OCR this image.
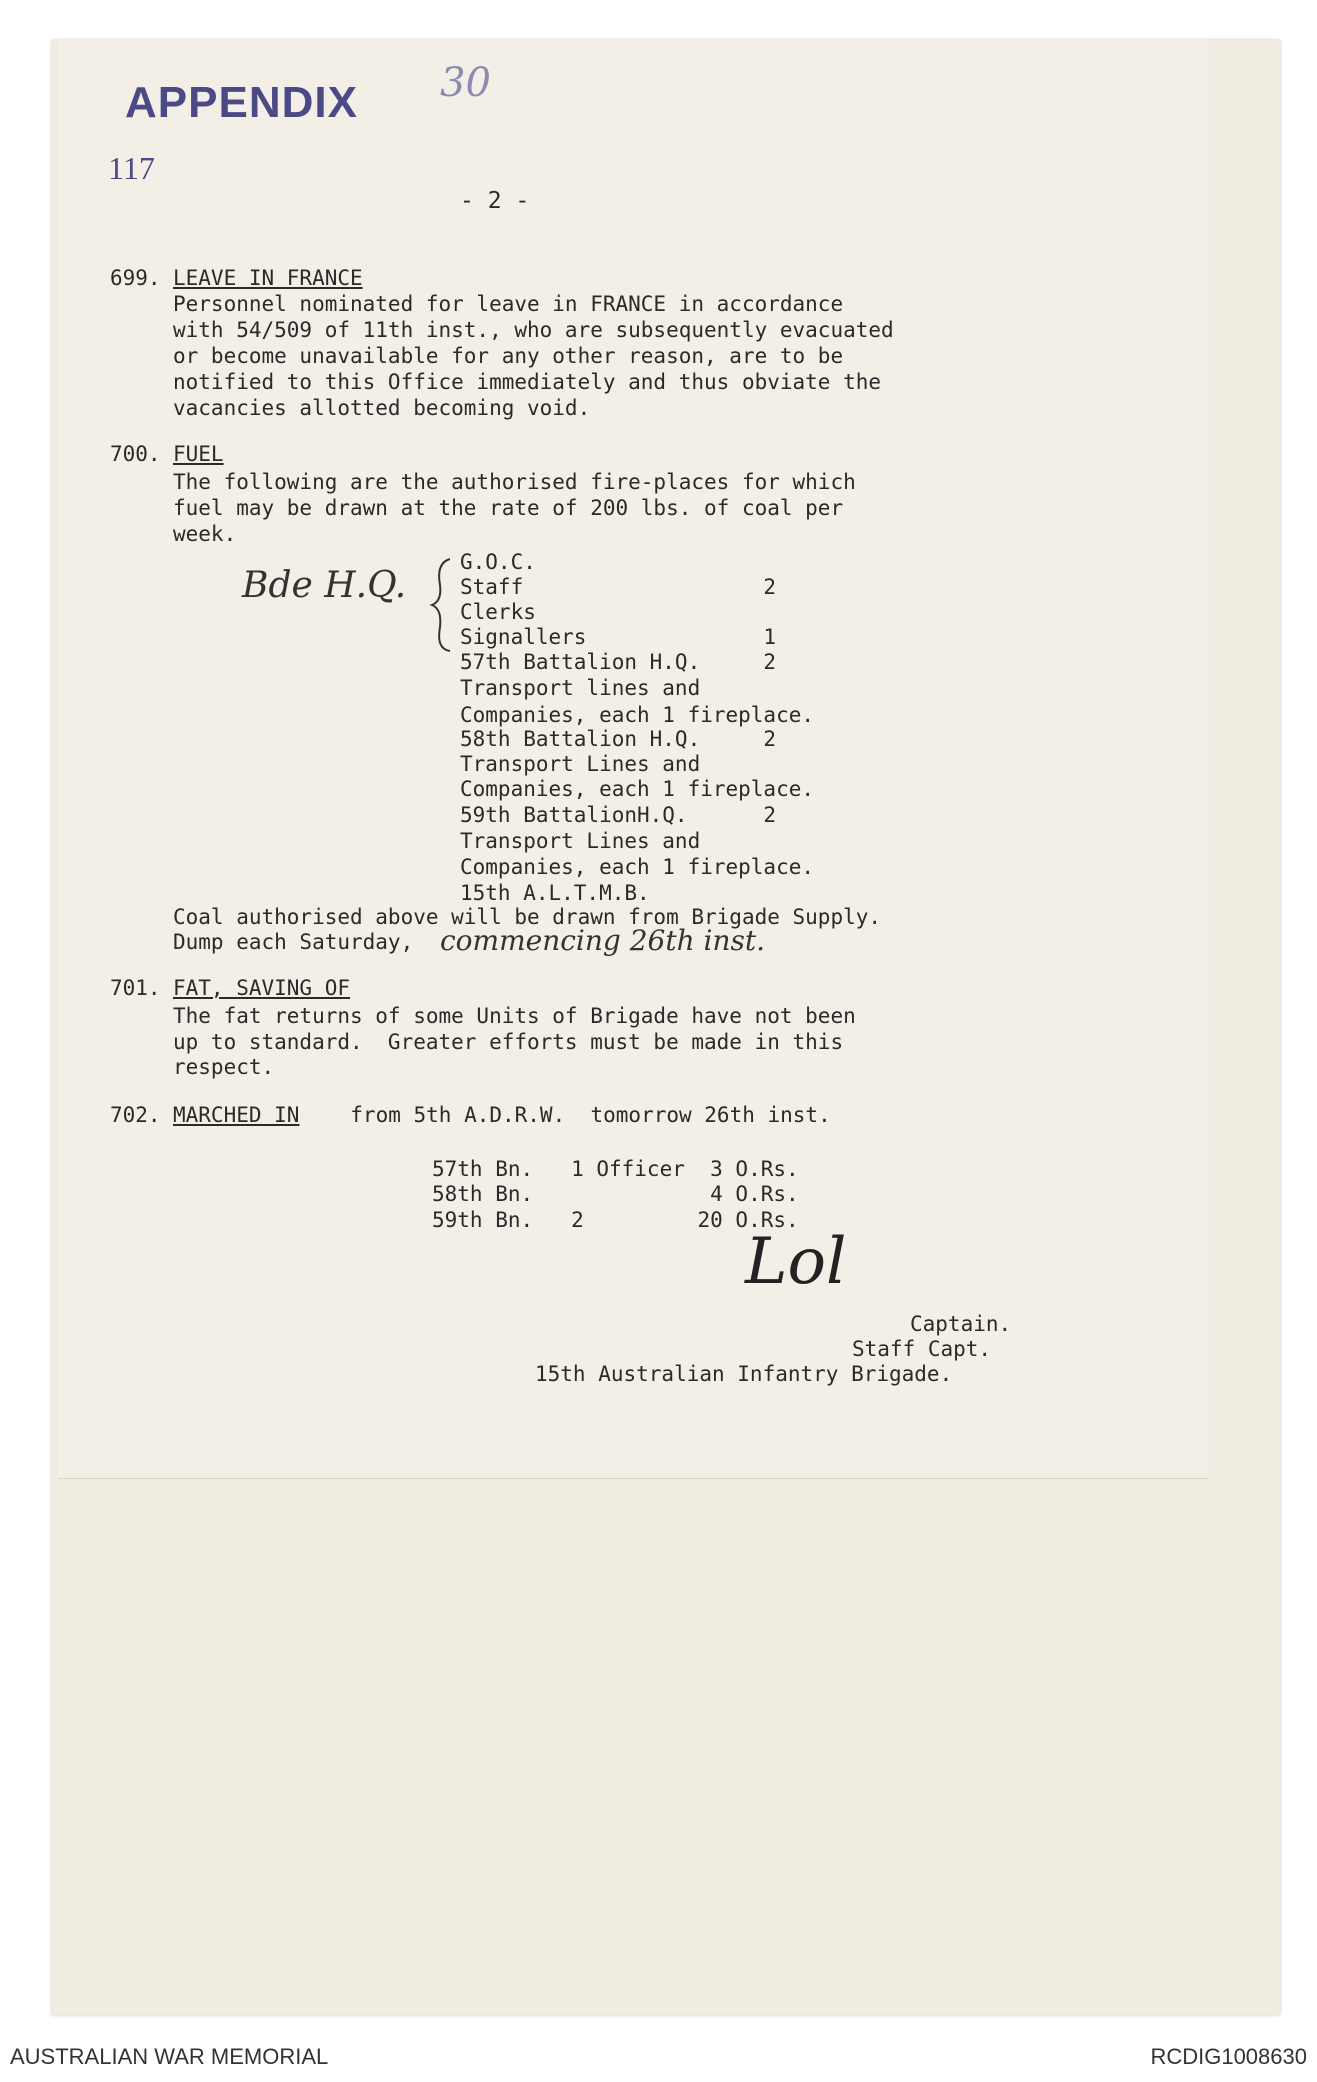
APPENDIX
117
30
- 2 -
699. LEAVE IN FRANCE
Personnel nominated for leave in FRANCE in accordance
with 54/509 of 11th inst., who are subsequently evacuated
or become unavailable for any other reason, are to be
notified to this Office immediately and thus obviate the
vacancies allotted becoming void.
700. FUEL
The following are the authorised fire-places for which
fuel may be drawn at the rate of 200 lbs. of coal per
week.
Bde H.Q.
G.O.C.
Staff                   2
Clerks
Signallers              1
57th Battalion H.Q.     2
Transport lines and
Companies, each 1 fireplace.
58th Battalion H.Q.     2
Transport Lines and
Companies, each 1 fireplace.
59th BattalionH.Q.      2
Transport Lines and
Companies, each 1 fireplace.
15th A.L.T.M.B.
Coal authorised above will be drawn from Brigade Supply.
Dump each Saturday, commencing 26th inst.
701. FAT, SAVING OF
The fat returns of some Units of Brigade have not been
up to standard.  Greater efforts must be made in this
respect.
702. MARCHED IN from 5th A.D.R.W.  tomorrow 26th inst.
57th Bn.   1 Officer  3 O.Rs.
58th Bn.              4 O.Rs.
59th Bn.   2         20 O.Rs.
Lol
Captain.
Staff Capt.
15th Australian Infantry Brigade.
AUSTRALIAN WAR MEMORIAL	RCDIG1008630
